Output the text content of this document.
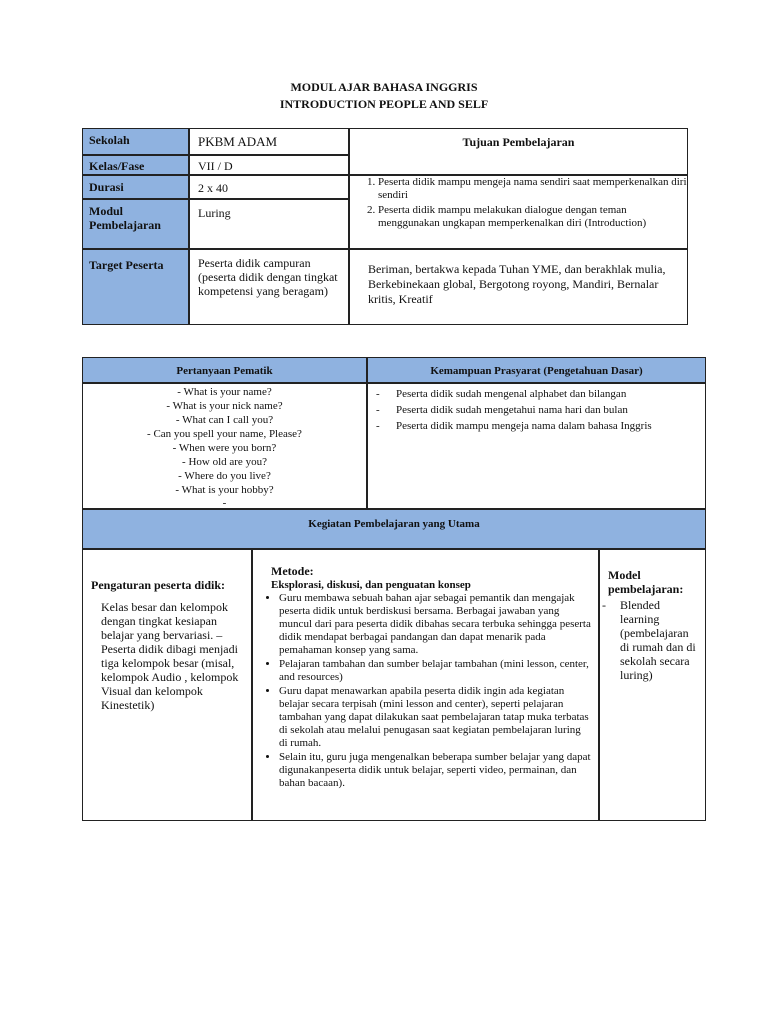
MODUL AJAR BAHASA INGGRIS
INTRODUCTION PEOPLE AND SELF
Sekolah
Kelas/Fase
Durasi
Modul Pembelajaran
Target Peserta
PKBM ADAM
VII / D
2 x 40
Luring
Peserta didik campuran (peserta didik dengan tingkat kompetensi yang beragam)
Tujuan Pembelajaran
1. Peserta didik mampu mengeja nama sendiri saat memperkenalkan diri sendiri
2. Peserta didik mampu melakukan dialogue dengan teman menggunakan ungkapan memperkenalkan diri (Introduction)
Beriman, bertakwa kepada Tuhan YME, dan berakhlak mulia, Berkebinekaan global, Bergotong royong, Mandiri, Bernalar kritis, Kreatif
Pertanyaan Pematik	Kemampuan Prasyarat (Pengetahuan Dasar)
- What is your name?
- What is your nick name?
- What can I call you?
- Can you spell your name, Please?
- When were you born?
- How old are you?
- Where do you live?
- What is your hobby?
-
- Peserta didik sudah mengenal alphabet dan bilangan
- Peserta didik sudah mengetahui nama hari dan bulan
- Peserta didik mampu mengeja nama dalam bahasa Inggris
Kegiatan Pembelajaran yang Utama
Pengaturan peserta didik:
Kelas besar dan kelompok dengan tingkat kesiapan belajar yang bervariasi. – Peserta didik dibagi menjadi tiga kelompok besar (misal, kelompok Audio , kelompok Visual dan kelompok Kinestetik)
Metode:
Eksplorasi, diskusi, dan penguatan konsep
• Guru membawa sebuah bahan ajar sebagai pemantik dan mengajak peserta didik untuk berdiskusi bersama. Berbagai jawaban yang muncul dari para peserta didik dibahas secara terbuka sehingga peserta didik mendapat berbagai pandangan dan dapat menarik pada pemahaman konsep yang sama.
• Pelajaran tambahan dan sumber belajar tambahan (mini lesson, center, and resources)
• Guru dapat menawarkan apabila peserta didik ingin ada kegiatan belajar secara terpisah (mini lesson and center), seperti pelajaran tambahan yang dapat dilakukan saat pembelajaran tatap muka terbatas di sekolah atau melalui penugasan saat kegiatan pembelajaran luring di rumah.
• Selain itu, guru juga mengenalkan beberapa sumber belajar yang dapat digunakanpeserta didik untuk belajar, seperti video, permainan, dan bahan bacaan).
Model pembelajaran:
- Blended learning (pembelajaran di rumah dan di sekolah secara luring)
